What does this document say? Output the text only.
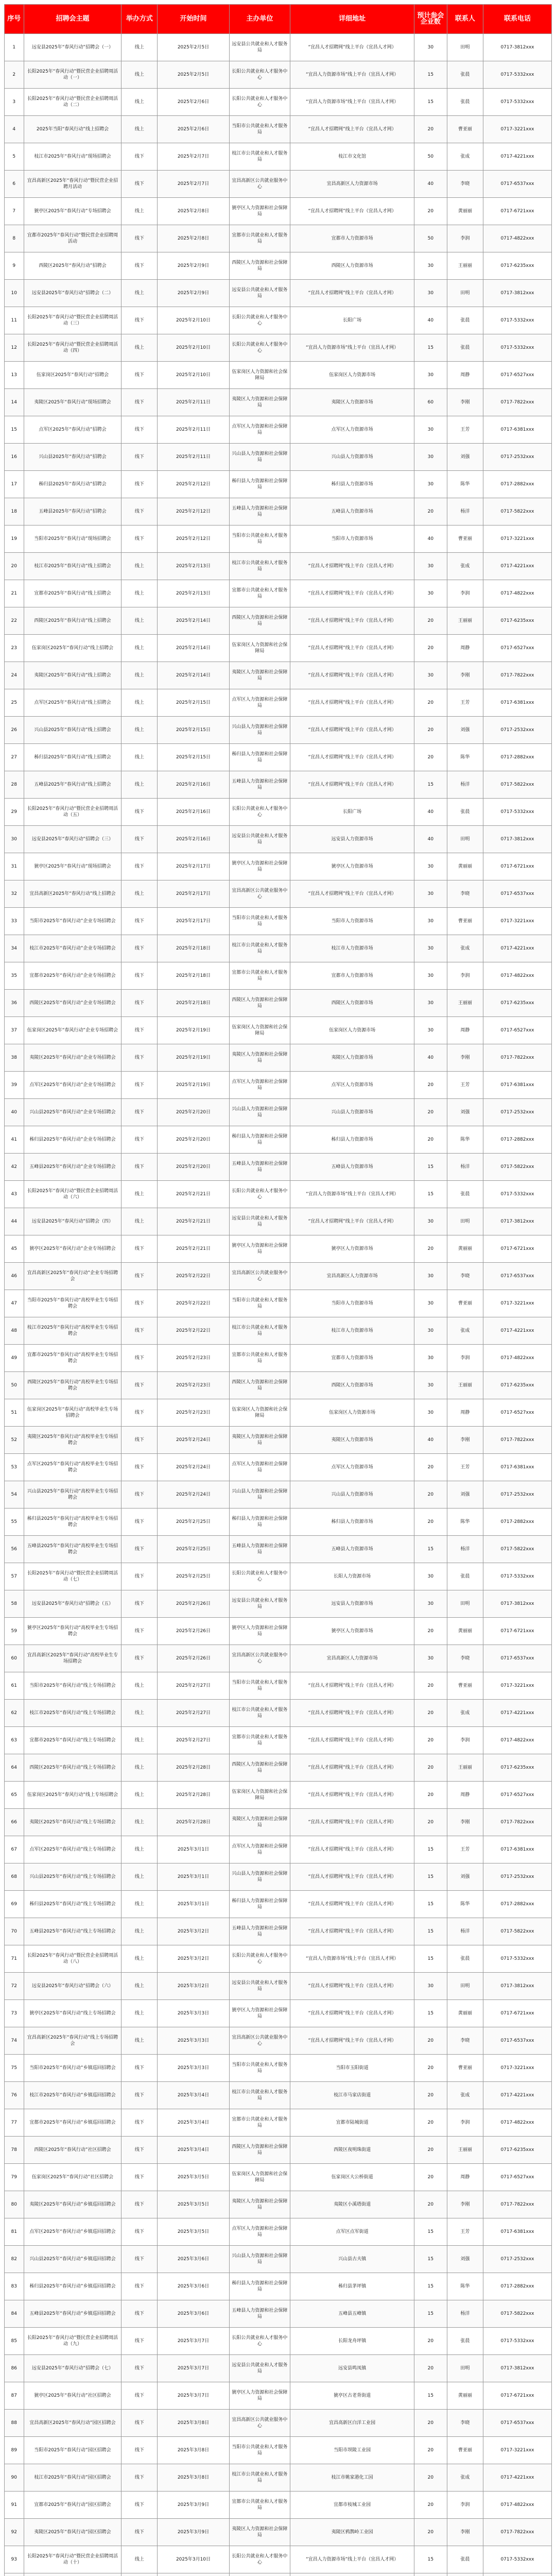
序号	招聘会主题	举办方式	开始时间	主办单位	详细地址	预计参会企业数	联系人	联系电话
1	远安县2025年“春风行动”招聘会（一）	线上	2025年2月5日	远安县公共就业和人才服务局	“宜昌人才招聘网”线上平台（宜昌人才网）	30	田明	0717-3812xxx
2	长阳2025年“春风行动”暨民营企业招聘周活动（一）	线上	2025年2月5日	长阳公共就业和人才服务中心	“宜昌人力资源市场”线上平台（宜昌人才网）	15	张晨	0717-5332xxx
3	长阳2025年“春风行动”暨民营企业招聘周活动（二）	线上	2025年2月6日	长阳公共就业和人才服务中心	“宜昌人力资源市场”线上平台（宜昌人才网）	15	张晨	0717-5332xxx
4	2025年当阳“春风行动”线上招聘会	线上	2025年2月6日	当阳市公共就业和人才服务局	“宜昌人才招聘网”线上平台（宜昌人才网）	20	曹亚丽	0717-3221xxx
5	枝江市2025年“春风行动”现场招聘会	线下	2025年2月7日	枝江市公共就业和人才服务局	枝江市文化馆	50	张成	0717-4221xxx
6	宜昌高新区2025年“春风行动”暨民营企业招聘月活动	线下	2025年2月7日	宜昌高新区公共就业服务中心	宜昌高新区人力资源市场	40	李晓	0717-6537xxx
7	猇亭区2025年“春风行动”专场招聘会	线上	2025年2月8日	猇亭区人力资源和社会保障局	“宜昌人才招聘网”线上平台（宜昌人才网）	20	黄丽丽	0717-6721xxx
8	宜都市2025年“春风行动”暨民营企业招聘周活动	线下	2025年2月8日	宜都市公共就业和人才服务局	宜都市人力资源市场	50	李润	0717-4822xxx
9	西陵区2025年“春风行动”招聘会	线下	2025年2月9日	西陵区人力资源和社会保障局	西陵区人力资源市场	30	王丽丽	0717-6235xxx
10	远安县2025年“春风行动”招聘会（二）	线上	2025年2月9日	远安县公共就业和人才服务局	“宜昌人才招聘网”线上平台（宜昌人才网）	30	田明	0717-3812xxx
11	长阳2025年“春风行动”暨民营企业招聘周活动（三）	线下	2025年2月10日	长阳公共就业和人才服务中心	长阳广场	40	张晨	0717-5332xxx
12	长阳2025年“春风行动”暨民营企业招聘周活动（四）	线上	2025年2月10日	长阳公共就业和人才服务中心	“宜昌人力资源市场”线上平台（宜昌人才网）	15	张晨	0717-5332xxx
13	伍家岗区2025年“春风行动”招聘会	线下	2025年2月10日	伍家岗区人力资源和社会保障局	伍家岗区人力资源市场	30	周静	0717-6527xxx
14	夷陵区2025年“春风行动”现场招聘会	线下	2025年2月11日	夷陵区人力资源和社会保障局	夷陵区人力资源市场	60	李刚	0717-7822xxx
15	点军区2025年“春风行动”招聘会	线下	2025年2月11日	点军区人力资源和社会保障局	点军区人力资源市场	30	王芳	0717-6381xxx
16	兴山县2025年“春风行动”招聘会	线下	2025年2月11日	兴山县人力资源和社会保障局	兴山县人力资源市场	30	刘强	0717-2532xxx
17	秭归县2025年“春风行动”招聘会	线下	2025年2月12日	秭归县人力资源和社会保障局	秭归县人力资源市场	30	陈华	0717-2882xxx
18	五峰县2025年“春风行动”招聘会	线下	2025年2月12日	五峰县人力资源和社会保障局	五峰县人力资源市场	20	杨洋	0717-5822xxx
19	当阳市2025年“春风行动”现场招聘会	线下	2025年2月12日	当阳市公共就业和人才服务局	当阳市人力资源市场	40	曹亚丽	0717-3221xxx
20	枝江市2025年“春风行动”线上招聘会	线上	2025年2月13日	枝江市公共就业和人才服务局	“宜昌人才招聘网”线上平台（宜昌人才网）	30	张成	0717-4221xxx
21	宜都市2025年“春风行动”线上招聘会	线上	2025年2月13日	宜都市公共就业和人才服务局	“宜昌人才招聘网”线上平台（宜昌人才网）	30	李润	0717-4822xxx
22	西陵区2025年“春风行动”线上招聘会	线上	2025年2月14日	西陵区人力资源和社会保障局	“宜昌人才招聘网”线上平台（宜昌人才网）	20	王丽丽	0717-6235xxx
23	伍家岗区2025年“春风行动”线上招聘会	线上	2025年2月14日	伍家岗区人力资源和社会保障局	“宜昌人才招聘网”线上平台（宜昌人才网）	20	周静	0717-6527xxx
24	夷陵区2025年“春风行动”线上招聘会	线上	2025年2月14日	夷陵区人力资源和社会保障局	“宜昌人才招聘网”线上平台（宜昌人才网）	30	李刚	0717-7822xxx
25	点军区2025年“春风行动”线上招聘会	线上	2025年2月15日	点军区人力资源和社会保障局	“宜昌人才招聘网”线上平台（宜昌人才网）	20	王芳	0717-6381xxx
26	兴山县2025年“春风行动”线上招聘会	线上	2025年2月15日	兴山县人力资源和社会保障局	“宜昌人才招聘网”线上平台（宜昌人才网）	20	刘强	0717-2532xxx
27	秭归县2025年“春风行动”线上招聘会	线上	2025年2月15日	秭归县人力资源和社会保障局	“宜昌人才招聘网”线上平台（宜昌人才网）	20	陈华	0717-2882xxx
28	五峰县2025年“春风行动”线上招聘会	线上	2025年2月16日	五峰县人力资源和社会保障局	“宜昌人才招聘网”线上平台（宜昌人才网）	15	杨洋	0717-5822xxx
29	长阳2025年“春风行动”暨民营企业招聘周活动（五）	线下	2025年2月16日	长阳公共就业和人才服务中心	长阳广场	40	张晨	0717-5332xxx
30	远安县2025年“春风行动”招聘会（三）	线下	2025年2月16日	远安县公共就业和人才服务局	远安县人力资源市场	40	田明	0717-3812xxx
31	猇亭区2025年“春风行动”现场招聘会	线下	2025年2月17日	猇亭区人力资源和社会保障局	猇亭区人力资源市场	30	黄丽丽	0717-6721xxx
32	宜昌高新区2025年“春风行动”线上招聘会	线上	2025年2月17日	宜昌高新区公共就业服务中心	“宜昌人才招聘网”线上平台（宜昌人才网）	30	李晓	0717-6537xxx
33	当阳市2025年“春风行动”企业专场招聘会	线下	2025年2月17日	当阳市公共就业和人才服务局	当阳市人力资源市场	30	曹亚丽	0717-3221xxx
34	枝江市2025年“春风行动”企业专场招聘会	线下	2025年2月18日	枝江市公共就业和人才服务局	枝江市人力资源市场	30	张成	0717-4221xxx
35	宜都市2025年“春风行动”企业专场招聘会	线下	2025年2月18日	宜都市公共就业和人才服务局	宜都市人力资源市场	30	李润	0717-4822xxx
36	西陵区2025年“春风行动”企业专场招聘会	线下	2025年2月18日	西陵区人力资源和社会保障局	西陵区人力资源市场	30	王丽丽	0717-6235xxx
37	伍家岗区2025年“春风行动”企业专场招聘会	线下	2025年2月19日	伍家岗区人力资源和社会保障局	伍家岗区人力资源市场	30	周静	0717-6527xxx
38	夷陵区2025年“春风行动”企业专场招聘会	线下	2025年2月19日	夷陵区人力资源和社会保障局	夷陵区人力资源市场	40	李刚	0717-7822xxx
39	点军区2025年“春风行动”企业专场招聘会	线下	2025年2月19日	点军区人力资源和社会保障局	点军区人力资源市场	20	王芳	0717-6381xxx
40	兴山县2025年“春风行动”企业专场招聘会	线下	2025年2月20日	兴山县人力资源和社会保障局	兴山县人力资源市场	20	刘强	0717-2532xxx
41	秭归县2025年“春风行动”企业专场招聘会	线下	2025年2月20日	秭归县人力资源和社会保障局	秭归县人力资源市场	20	陈华	0717-2882xxx
42	五峰县2025年“春风行动”企业专场招聘会	线下	2025年2月20日	五峰县人力资源和社会保障局	五峰县人力资源市场	15	杨洋	0717-5822xxx
43	长阳2025年“春风行动”暨民营企业招聘周活动（六）	线上	2025年2月21日	长阳公共就业和人才服务中心	“宜昌人力资源市场”线上平台（宜昌人才网）	15	张晨	0717-5332xxx
44	远安县2025年“春风行动”招聘会（四）	线上	2025年2月21日	远安县公共就业和人才服务局	“宜昌人才招聘网”线上平台（宜昌人才网）	30	田明	0717-3812xxx
45	猇亭区2025年“春风行动”企业专场招聘会	线下	2025年2月21日	猇亭区人力资源和社会保障局	猇亭区人力资源市场	20	黄丽丽	0717-6721xxx
46	宜昌高新区2025年“春风行动”企业专场招聘会	线下	2025年2月22日	宜昌高新区公共就业服务中心	宜昌高新区人力资源市场	30	李晓	0717-6537xxx
47	当阳市2025年“春风行动”高校毕业生专场招聘会	线下	2025年2月22日	当阳市公共就业和人才服务局	当阳市人力资源市场	30	曹亚丽	0717-3221xxx
48	枝江市2025年“春风行动”高校毕业生专场招聘会	线下	2025年2月22日	枝江市公共就业和人才服务局	枝江市人力资源市场	30	张成	0717-4221xxx
49	宜都市2025年“春风行动”高校毕业生专场招聘会	线下	2025年2月23日	宜都市公共就业和人才服务局	宜都市人力资源市场	30	李润	0717-4822xxx
50	西陵区2025年“春风行动”高校毕业生专场招聘会	线下	2025年2月23日	西陵区人力资源和社会保障局	西陵区人力资源市场	30	王丽丽	0717-6235xxx
51	伍家岗区2025年“春风行动”高校毕业生专场招聘会	线下	2025年2月23日	伍家岗区人力资源和社会保障局	伍家岗区人力资源市场	30	周静	0717-6527xxx
52	夷陵区2025年“春风行动”高校毕业生专场招聘会	线下	2025年2月24日	夷陵区人力资源和社会保障局	夷陵区人力资源市场	40	李刚	0717-7822xxx
53	点军区2025年“春风行动”高校毕业生专场招聘会	线下	2025年2月24日	点军区人力资源和社会保障局	点军区人力资源市场	20	王芳	0717-6381xxx
54	兴山县2025年“春风行动”高校毕业生专场招聘会	线下	2025年2月24日	兴山县人力资源和社会保障局	兴山县人力资源市场	20	刘强	0717-2532xxx
55	秭归县2025年“春风行动”高校毕业生专场招聘会	线下	2025年2月25日	秭归县人力资源和社会保障局	秭归县人力资源市场	20	陈华	0717-2882xxx
56	五峰县2025年“春风行动”高校毕业生专场招聘会	线下	2025年2月25日	五峰县人力资源和社会保障局	五峰县人力资源市场	15	杨洋	0717-5822xxx
57	长阳2025年“春风行动”暨民营企业招聘周活动（七）	线下	2025年2月25日	长阳公共就业和人才服务中心	长阳人力资源市场	30	张晨	0717-5332xxx
58	远安县2025年“春风行动”招聘会（五）	线下	2025年2月26日	远安县公共就业和人才服务局	远安县人力资源市场	30	田明	0717-3812xxx
59	猇亭区2025年“春风行动”高校毕业生专场招聘会	线下	2025年2月26日	猇亭区人力资源和社会保障局	猇亭区人力资源市场	20	黄丽丽	0717-6721xxx
60	宜昌高新区2025年“春风行动”高校毕业生专场招聘会	线下	2025年2月26日	宜昌高新区公共就业服务中心	宜昌高新区人力资源市场	30	李晓	0717-6537xxx
61	当阳市2025年“春风行动”线上专场招聘会	线上	2025年2月27日	当阳市公共就业和人才服务局	“宜昌人才招聘网”线上平台（宜昌人才网）	20	曹亚丽	0717-3221xxx
62	枝江市2025年“春风行动”线上专场招聘会	线上	2025年2月27日	枝江市公共就业和人才服务局	“宜昌人才招聘网”线上平台（宜昌人才网）	20	张成	0717-4221xxx
63	宜都市2025年“春风行动”线上专场招聘会	线上	2025年2月27日	宜都市公共就业和人才服务局	“宜昌人才招聘网”线上平台（宜昌人才网）	20	李润	0717-4822xxx
64	西陵区2025年“春风行动”线上专场招聘会	线上	2025年2月28日	西陵区人力资源和社会保障局	“宜昌人才招聘网”线上平台（宜昌人才网）	20	王丽丽	0717-6235xxx
65	伍家岗区2025年“春风行动”线上专场招聘会	线上	2025年2月28日	伍家岗区人力资源和社会保障局	“宜昌人才招聘网”线上平台（宜昌人才网）	20	周静	0717-6527xxx
66	夷陵区2025年“春风行动”线上专场招聘会	线上	2025年2月28日	夷陵区人力资源和社会保障局	“宜昌人才招聘网”线上平台（宜昌人才网）	20	李刚	0717-7822xxx
67	点军区2025年“春风行动”线上专场招聘会	线上	2025年3月1日	点军区人力资源和社会保障局	“宜昌人才招聘网”线上平台（宜昌人才网）	15	王芳	0717-6381xxx
68	兴山县2025年“春风行动”线上专场招聘会	线上	2025年3月1日	兴山县人力资源和社会保障局	“宜昌人才招聘网”线上平台（宜昌人才网）	15	刘强	0717-2532xxx
69	秭归县2025年“春风行动”线上专场招聘会	线上	2025年3月1日	秭归县人力资源和社会保障局	“宜昌人才招聘网”线上平台（宜昌人才网）	15	陈华	0717-2882xxx
70	五峰县2025年“春风行动”线上专场招聘会	线上	2025年3月2日	五峰县人力资源和社会保障局	“宜昌人才招聘网”线上平台（宜昌人才网）	15	杨洋	0717-5822xxx
71	长阳2025年“春风行动”暨民营企业招聘周活动（八）	线上	2025年3月2日	长阳公共就业和人才服务中心	“宜昌人力资源市场”线上平台（宜昌人才网）	15	张晨	0717-5332xxx
72	远安县2025年“春风行动”招聘会（六）	线上	2025年3月2日	远安县公共就业和人才服务局	“宜昌人才招聘网”线上平台（宜昌人才网）	30	田明	0717-3812xxx
73	猇亭区2025年“春风行动”线上专场招聘会	线上	2025年3月3日	猇亭区人力资源和社会保障局	“宜昌人才招聘网”线上平台（宜昌人才网）	15	黄丽丽	0717-6721xxx
74	宜昌高新区2025年“春风行动”线上专场招聘会	线上	2025年3月3日	宜昌高新区公共就业服务中心	“宜昌人才招聘网”线上平台（宜昌人才网）	20	李晓	0717-6537xxx
75	当阳市2025年“春风行动”乡镇巡回招聘会	线下	2025年3月3日	当阳市公共就业和人才服务局	当阳市玉阳街道	20	曹亚丽	0717-3221xxx
76	枝江市2025年“春风行动”乡镇巡回招聘会	线下	2025年3月4日	枝江市公共就业和人才服务局	枝江市马家店街道	20	张成	0717-4221xxx
77	宜都市2025年“春风行动”乡镇巡回招聘会	线下	2025年3月4日	宜都市公共就业和人才服务局	宜都市陆城街道	20	李润	0717-4822xxx
78	西陵区2025年“春风行动”社区招聘会	线下	2025年3月4日	西陵区人力资源和社会保障局	西陵区夜明珠街道	20	王丽丽	0717-6235xxx
79	伍家岗区2025年“春风行动”社区招聘会	线下	2025年3月5日	伍家岗区人力资源和社会保障局	伍家岗区大公桥街道	20	周静	0717-6527xxx
80	夷陵区2025年“春风行动”乡镇巡回招聘会	线下	2025年3月5日	夷陵区人力资源和社会保障局	夷陵区小溪塔街道	20	李刚	0717-7822xxx
81	点军区2025年“春风行动”乡镇巡回招聘会	线下	2025年3月5日	点军区人力资源和社会保障局	点军区点军街道	15	王芳	0717-6381xxx
82	兴山县2025年“春风行动”乡镇巡回招聘会	线下	2025年3月6日	兴山县人力资源和社会保障局	兴山县古夫镇	15	刘强	0717-2532xxx
83	秭归县2025年“春风行动”乡镇巡回招聘会	线下	2025年3月6日	秭归县人力资源和社会保障局	秭归县茅坪镇	15	陈华	0717-2882xxx
84	五峰县2025年“春风行动”乡镇巡回招聘会	线下	2025年3月6日	五峰县人力资源和社会保障局	五峰县五峰镇	15	杨洋	0717-5822xxx
85	长阳2025年“春风行动”暨民营企业招聘周活动（九）	线下	2025年3月7日	长阳公共就业和人才服务中心	长阳龙舟坪镇	20	张晨	0717-5332xxx
86	远安县2025年“春风行动”招聘会（七）	线下	2025年3月7日	远安县公共就业和人才服务局	远安县鸣凤镇	20	田明	0717-3812xxx
87	猇亭区2025年“春风行动”社区招聘会	线下	2025年3月7日	猇亭区人力资源和社会保障局	猇亭区古老背街道	15	黄丽丽	0717-6721xxx
88	宜昌高新区2025年“春风行动”园区招聘会	线下	2025年3月8日	宜昌高新区公共就业服务中心	宜昌高新区白洋工业园	20	李晓	0717-6537xxx
89	当阳市2025年“春风行动”园区招聘会	线下	2025年3月8日	当阳市公共就业和人才服务局	当阳市坝陵工业园	20	曹亚丽	0717-3221xxx
90	枝江市2025年“春风行动”园区招聘会	线下	2025年3月8日	枝江市公共就业和人才服务局	枝江市姚家港化工园	20	张成	0717-4221xxx
91	宜都市2025年“春风行动”园区招聘会	线下	2025年3月9日	宜都市公共就业和人才服务局	宜都市枝城工业园	20	李润	0717-4822xxx
92	夷陵区2025年“春风行动”园区招聘会	线下	2025年3月9日	夷陵区人力资源和社会保障局	夷陵区鸦鹊岭工业园	20	李刚	0717-7822xxx
93	长阳2025年“春风行动”暨民营企业招聘周活动（十）	线上	2025年3月10日	长阳公共就业和人才服务中心	“宜昌人力资源市场”线上平台（宜昌人才网）	15	张晨	0717-5332xxx
